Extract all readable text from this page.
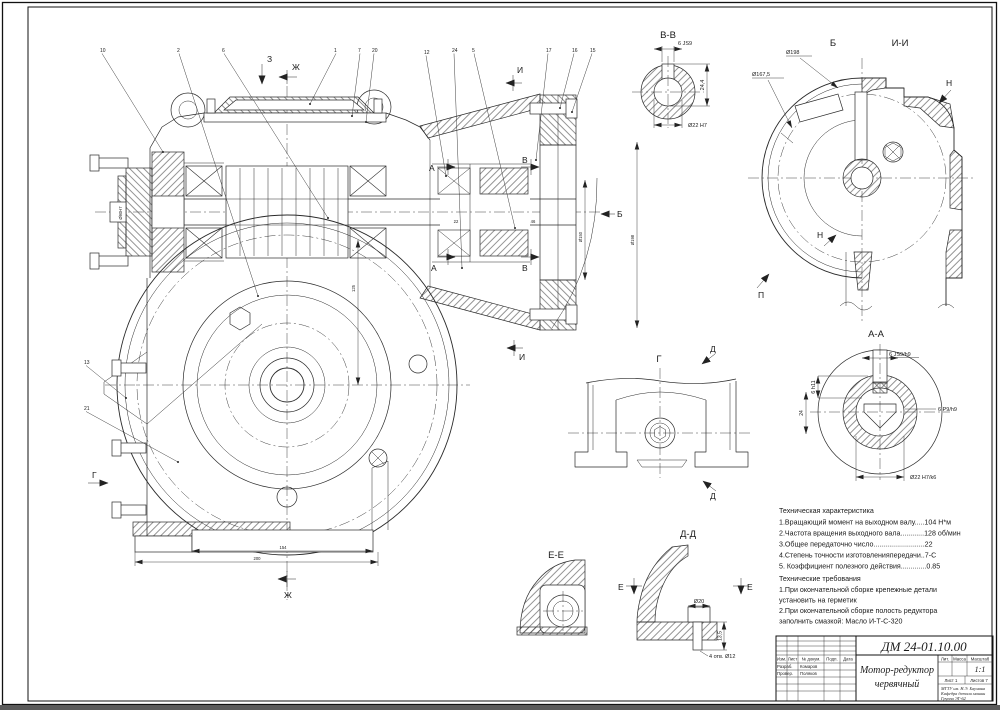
125
154
200
22	46
Ø90H7
Ø150	Ø198
З
Ж	И
И
Б
Г
Ж
А
А
В
В
В-В
6 JS9
24,4
Ø22 H7
Б	И-И
Ø198
Ø167,5
Н
Н
П
А-А
6 JS9/h9
6 h11
24	6 P9/h9
Ø22 H7/k6
Г
Д
Д
Е-Е
Д-Д
Ø20
13,5
4 отв. Ø12
Е	Е
Техническая характеристика
1.Вращающий момент на выходном валу.....104 Н*м
2.Частота вращения выходного вала............128 об/мин
3.Общее передаточно число..........................22
4.Степень точности изготовленияпередачи..7-С
5. Коэффициент полезного действия.............0.85
Технические требования
1.При окончательной сборке крепежные детали
установить на герметик
2.При окончательной сборке полость редуктора
заполнить смазкой: Масло И-Т-С-320
10	2	6	1	7 20	12	24	5	17	16 15
13
21
Изм. Лист № докум. Подп. Дата
Разраб. Комаров
Провер. Поляков
ДМ 24-01.10.00
Мотор-редуктор
червячный
Лит. Масса Масштаб
1:1
Лист 1	Листов 7
МГТУ им. Н.Э. Баумана
Кафедра детали машин
Группа ЭГ-62
